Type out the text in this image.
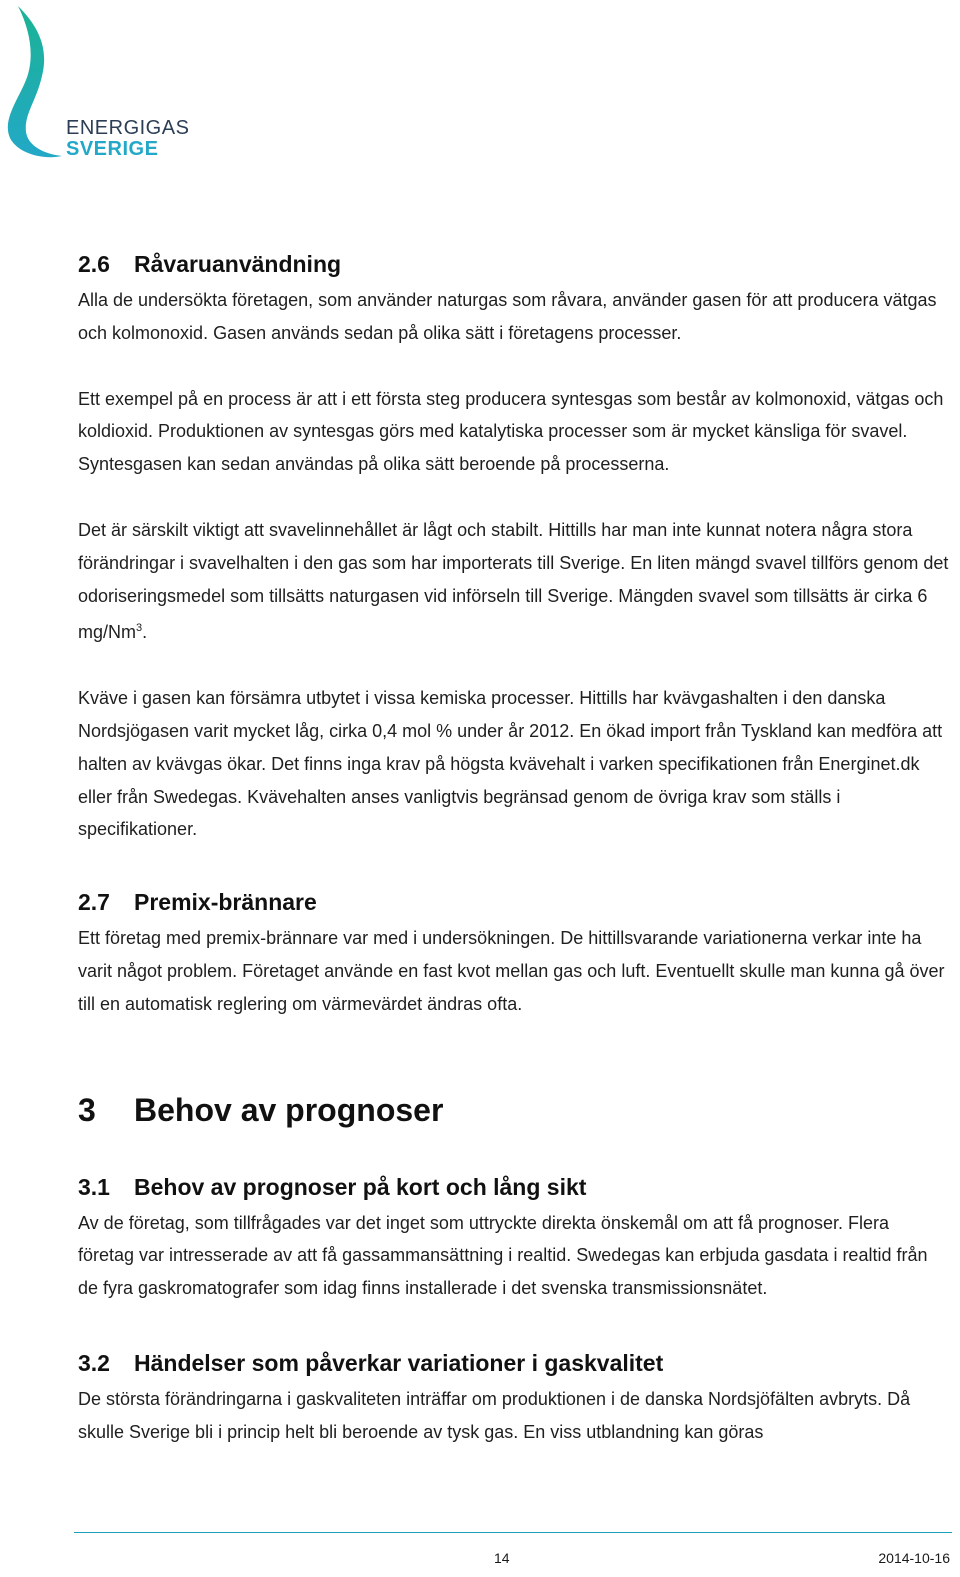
ENERGIGAS
SVERIGE
2.6 Råvaruanvändning

Alla de undersökta företagen, som använder naturgas som råvara, använder gasen för att producera vätgas och kolmonoxid. Gasen används sedan på olika sätt i företagens processer.

Ett exempel på en process är att i ett första steg producera syntesgas som består av kolmonoxid, vätgas och koldioxid. Produktionen av syntesgas görs med katalytiska processer som är mycket känsliga för svavel. Syntesgasen kan sedan användas på olika sätt beroende på processerna.

Det är särskilt viktigt att svavelinnehållet är lågt och stabilt. Hittills har man inte kunnat notera några stora förändringar i svavelhalten i den gas som har importerats till Sverige. En liten mängd svavel tillförs genom det odoriseringsmedel som tillsätts naturgasen vid införseln till Sverige. Mängden svavel som tillsätts är cirka 6 mg/Nm$^3$.

Kväve i gasen kan försämra utbytet i vissa kemiska processer. Hittills har kvävgashalten i den danska Nordsjögasen varit mycket låg, cirka 0,4 mol % under år 2012. En ökad import från Tyskland kan medföra att halten av kvävgas ökar. Det finns inga krav på högsta kvävehalt i varken specifikationen från Energinet.dk eller från Swedegas. Kvävehalten anses vanligtvis begränsad genom de övriga krav som ställs i specifikationer.

2.7 Premix-brännare

Ett företag med premix-brännare var med i undersökningen. De hittillsvarande variationerna verkar inte ha varit något problem. Företaget använde en fast kvot mellan gas och luft. Eventuellt skulle man kunna gå över till en automatisk reglering om värmevärdet ändras ofta.

3 Behov av prognoser
3.1 Behov av prognoser på kort och lång sikt

Av de företag, som tillfrågades var det inget som uttryckte direkta önskemål om att få prognoser. Flera företag var intresserade av att få gassammansättning i realtid. Swedegas kan erbjuda gasdata i realtid från de fyra gaskromatografer som idag finns installerade i det svenska transmissionsnätet.

3.2 Händelser som påverkar variationer i gaskvalitet

De största förändringarna i gaskvaliteten inträffar om produktionen i de danska Nordsjöfälten avbryts. Då skulle Sverige bli i princip helt bli beroende av tysk gas. En viss utblandning kan göras

14	2014-10-16
